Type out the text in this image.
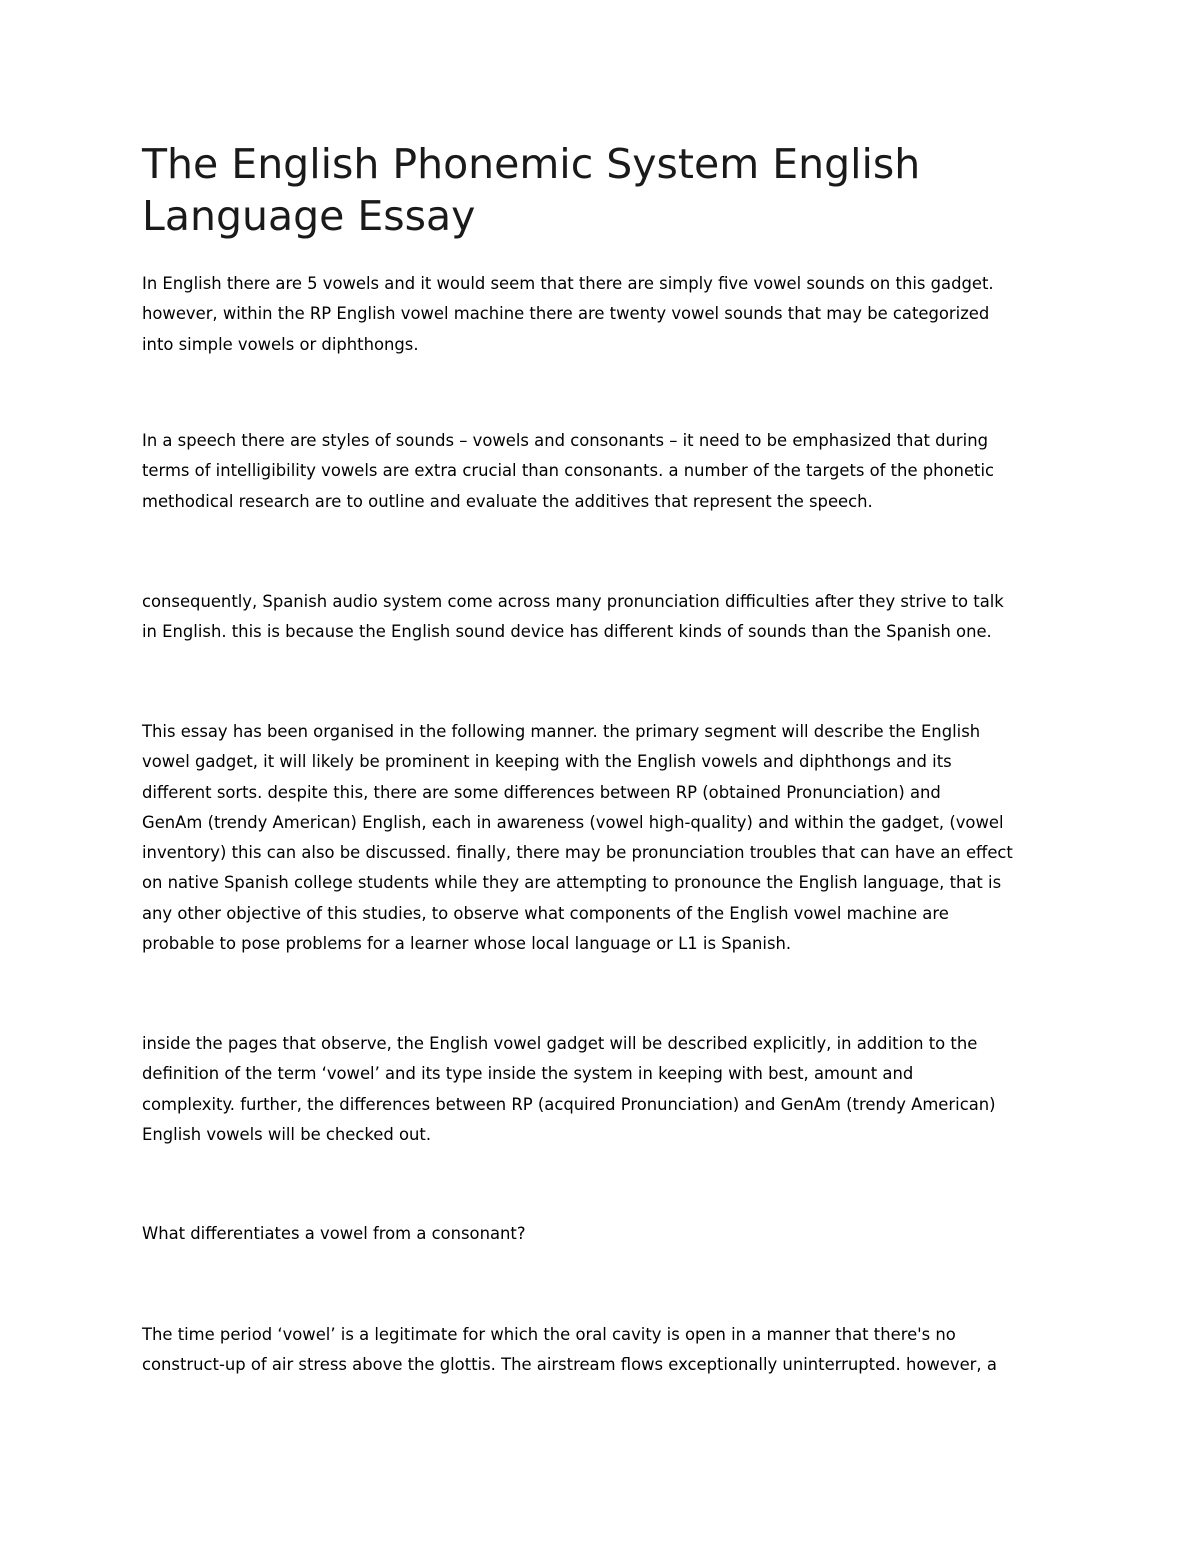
The English Phonemic System English
Language Essay

In English there are 5 vowels and it would seem that there are simply five vowel sounds on this gadget.
however, within the RP English vowel machine there are twenty vowel sounds that may be categorized
into simple vowels or diphthongs.

In a speech there are styles of sounds – vowels and consonants – it need to be emphasized that during
terms of intelligibility vowels are extra crucial than consonants. a number of the targets of the phonetic
methodical research are to outline and evaluate the additives that represent the speech.

consequently, Spanish audio system come across many pronunciation difficulties after they strive to talk
in English. this is because the English sound device has different kinds of sounds than the Spanish one.

This essay has been organised in the following manner. the primary segment will describe the English
vowel gadget, it will likely be prominent in keeping with the English vowels and diphthongs and its
different sorts. despite this, there are some differences between RP (obtained Pronunciation) and
GenAm (trendy American) English, each in awareness (vowel high-quality) and within the gadget, (vowel
inventory) this can also be discussed. finally, there may be pronunciation troubles that can have an effect
on native Spanish college students while they are attempting to pronounce the English language, that is
any other objective of this studies, to observe what components of the English vowel machine are
probable to pose problems for a learner whose local language or L1 is Spanish.

inside the pages that observe, the English vowel gadget will be described explicitly, in addition to the
definition of the term ‘vowel’ and its type inside the system in keeping with best, amount and
complexity. further, the differences between RP (acquired Pronunciation) and GenAm (trendy American)
English vowels will be checked out.

What differentiates a vowel from a consonant?

The time period ‘vowel’ is a legitimate for which the oral cavity is open in a manner that there's no
construct-up of air stress above the glottis. The airstream flows exceptionally uninterrupted. however, a
